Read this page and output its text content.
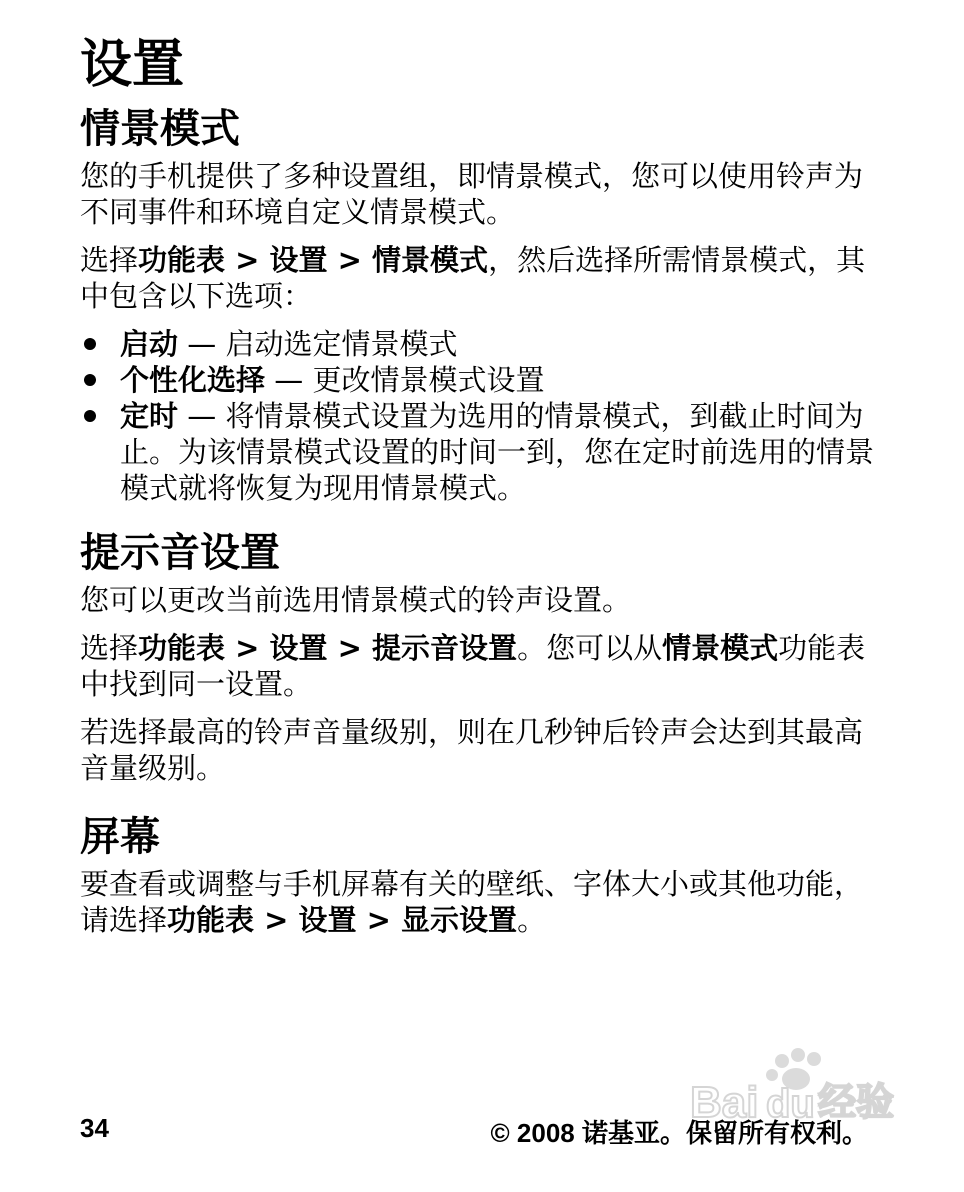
设置
情景模式

您的手机提供了多种设置组，即情景模式，您可以使用铃声为不同事件和环境自定义情景模式。

选择功能表 > 设置 > 情景模式，然后选择所需情景模式，其中包含以下选项：

启动 — 启动选定情景模式
个性化选择 — 更改情景模式设置
定时 — 将情景模式设置为选用的情景模式，到截止时间为止。为该情景模式设置的时间一到，您在定时前选用的情景模式就将恢复为现用情景模式。
提示音设置

您可以更改当前选用情景模式的铃声设置。

选择功能表 > 设置 > 提示音设置。您可以从情景模式功能表中找到同一设置。

若选择最高的铃声音量级别，则在几秒钟后铃声会达到其最高音量级别。

屏幕

要查看或调整与手机屏幕有关的壁纸、字体大小或其他功能，请选择功能表 > 设置 > 显示设置。

Bai du 经验
34	© 2008 诺基亚。保留所有权利。
